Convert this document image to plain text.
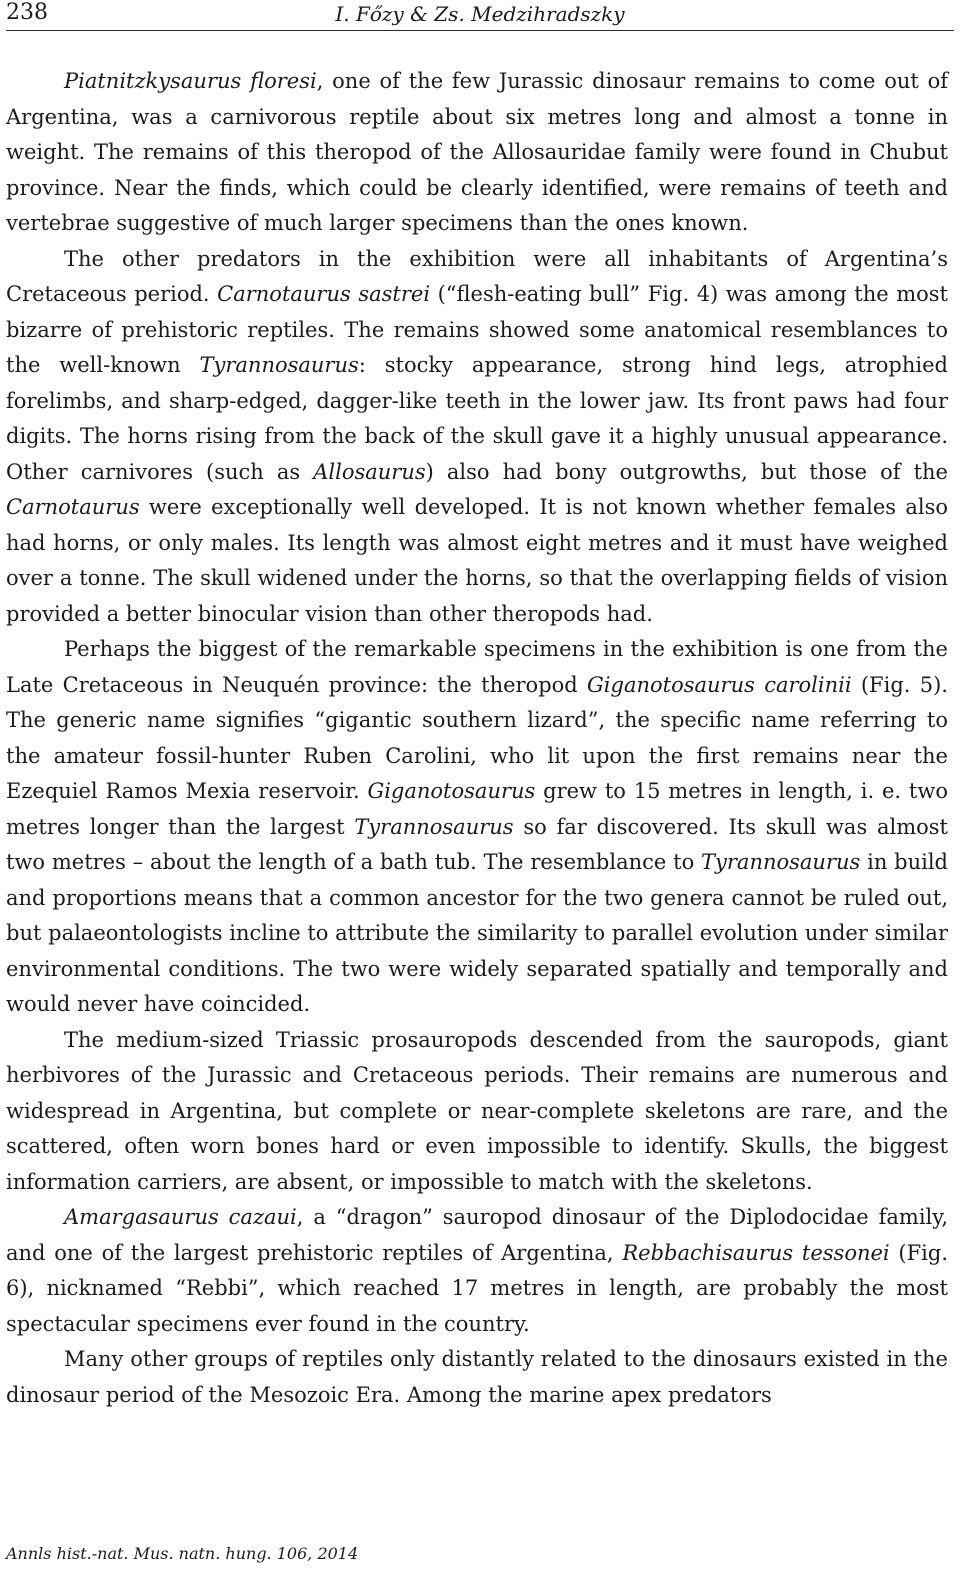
238	I. Főzy & Zs. Medzihradszky

Piatnitzkysaurus floresi, one of the few Jurassic dinosaur remains to come out of Argentina, was a carnivorous reptile about six metres long and almost a tonne in weight. The remains of this theropod of the Allosauridae family were found in Chubut province. Near the finds, which could be clearly identified, were remains of teeth and vertebrae suggestive of much larger specimens than the ones known.

The other predators in the exhibition were all inhabitants of Argentina’s Cretaceous period. Carnotaurus sastrei (“flesh-eating bull” Fig. 4) was among the most bizarre of prehistoric reptiles. The remains showed some anatomical resemblances to the well-known Tyrannosaurus: stocky appearance, strong hind legs, atrophied forelimbs, and sharp-edged, dagger-like teeth in the lower jaw. Its front paws had four digits. The horns rising from the back of the skull gave it a highly unusual appearance. Other carnivores (such as Allosaurus) also had bony outgrowths, but those of the Carnotaurus were exceptionally well developed. It is not known whether females also had horns, or only males. Its length was almost eight metres and it must have weighed over a tonne. The skull widened under the horns, so that the overlapping fields of vision provided a better binocular vision than other theropods had.

Perhaps the biggest of the remarkable specimens in the exhibition is one from the Late Cretaceous in Neuquén province: the theropod Giganotosaurus carolinii (Fig. 5). The generic name signifies “gigantic southern lizard”, the specific name referring to the amateur fossil-hunter Ruben Carolini, who lit upon the first remains near the Ezequiel Ramos Mexia reservoir. Giganotosaurus grew to 15 metres in length, i. e. two metres longer than the largest Tyrannosaurus so far discovered. Its skull was almost two metres – about the length of a bath tub. The resemblance to Tyrannosaurus in build and proportions means that a common ancestor for the two genera cannot be ruled out, but palaeontologists incline to attribute the similarity to parallel evolution under similar environmental conditions. The two were widely separated spatially and temporally and would never have coincided.

The medium-sized Triassic prosauropods descended from the sauropods, giant herbivores of the Jurassic and Cretaceous periods. Their remains are numerous and widespread in Argentina, but complete or near-complete skeletons are rare, and the scattered, often worn bones hard or even impossible to identify. Skulls, the biggest information carriers, are absent, or impossible to match with the skeletons.

Amargasaurus cazaui, a “dragon” sauropod dinosaur of the Diplodocidae family, and one of the largest prehistoric reptiles of Argentina, Rebbachisaurus tessonei (Fig. 6), nicknamed “Rebbi”, which reached 17 metres in length, are probably the most spectacular specimens ever found in the country.

Many other groups of reptiles only distantly related to the dinosaurs existed in the dinosaur period of the Mesozoic Era. Among the marine apex predators

Annls hist.-nat. Mus. natn. hung. 106, 2014
